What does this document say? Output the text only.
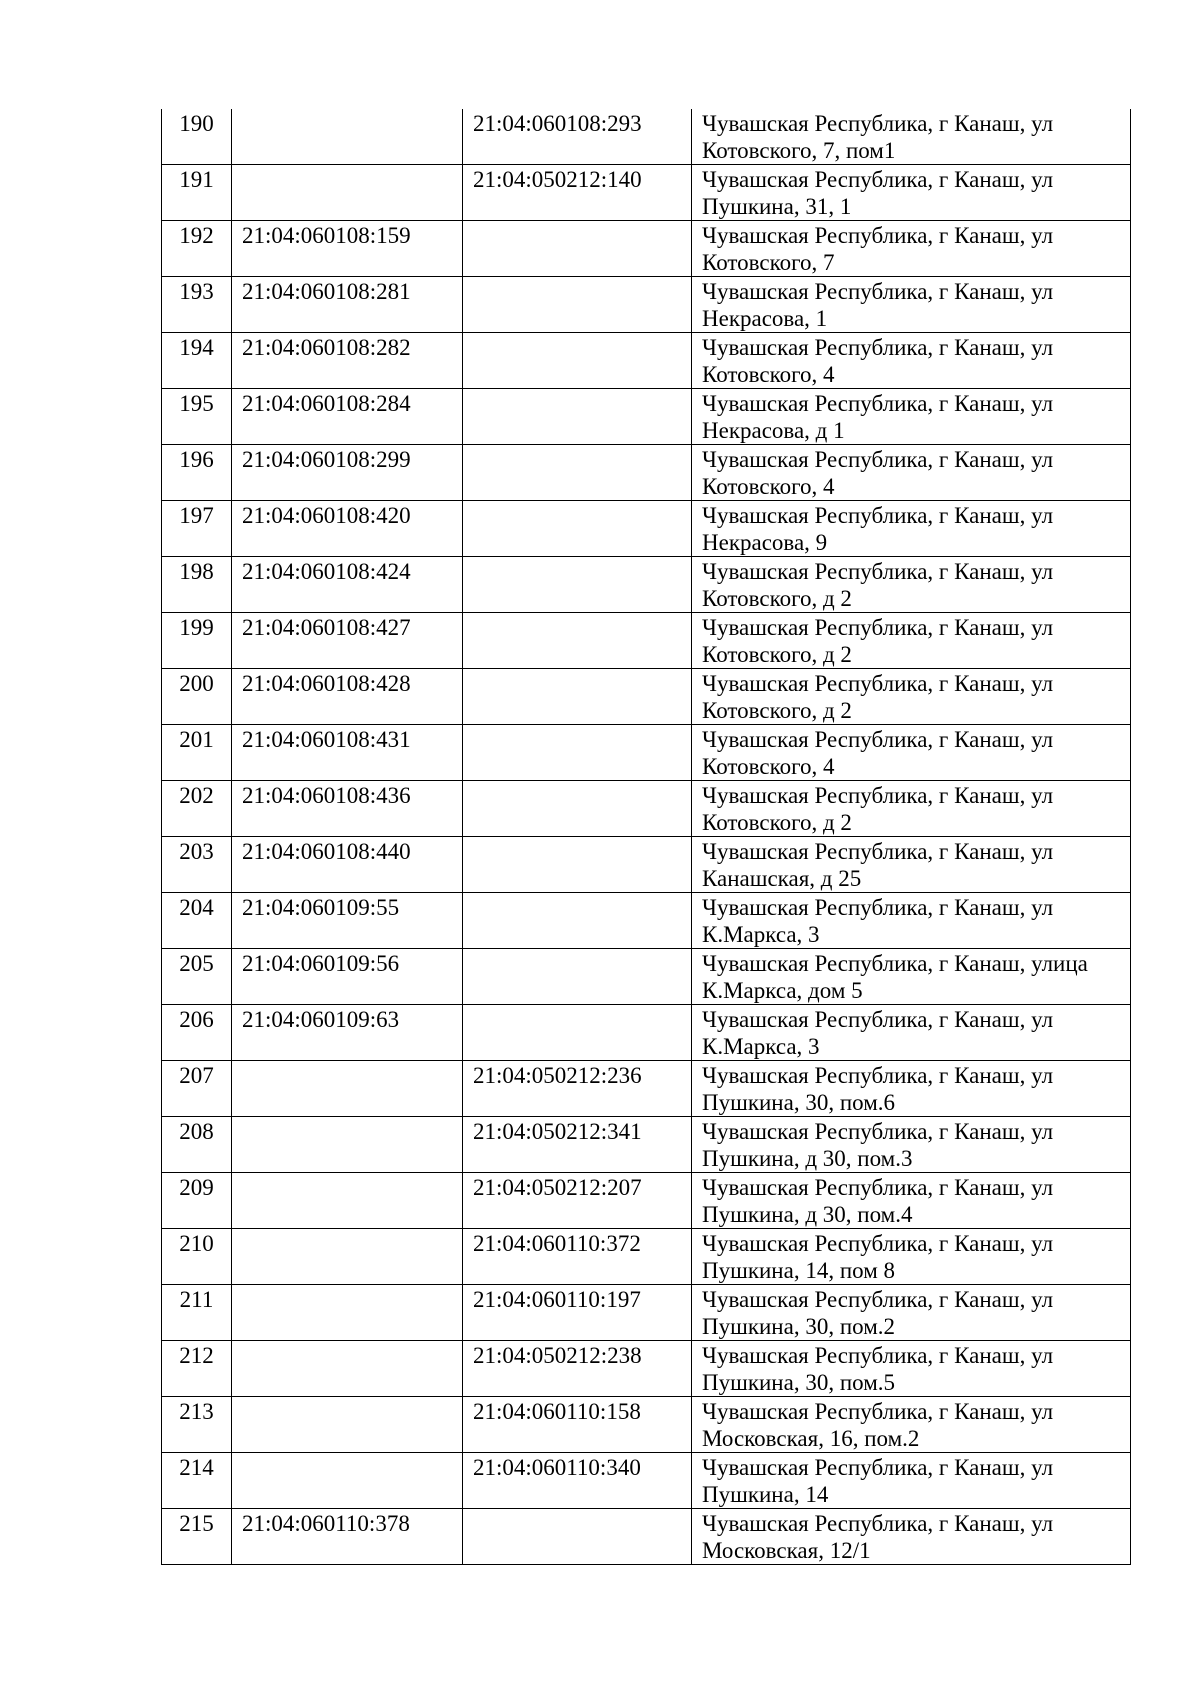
190		21:04:060108:293	Чувашская Республика, г Канаш, ул Котовского, 7, пом1
191		21:04:050212:140	Чувашская Республика, г Канаш, ул Пушкина, 31, 1
192	21:04:060108:159		Чувашская Республика, г Канаш, ул Котовского, 7
193	21:04:060108:281		Чувашская Республика, г Канаш, ул Некрасова, 1
194	21:04:060108:282		Чувашская Республика, г Канаш, ул Котовского, 4
195	21:04:060108:284		Чувашская Республика, г Канаш, ул Некрасова, д 1
196	21:04:060108:299		Чувашская Республика, г Канаш, ул Котовского, 4
197	21:04:060108:420		Чувашская Республика, г Канаш, ул Некрасова, 9
198	21:04:060108:424		Чувашская Республика, г Канаш, ул Котовского, д 2
199	21:04:060108:427		Чувашская Республика, г Канаш, ул Котовского, д 2
200	21:04:060108:428		Чувашская Республика, г Канаш, ул Котовского, д 2
201	21:04:060108:431		Чувашская Республика, г Канаш, ул Котовского, 4
202	21:04:060108:436		Чувашская Республика, г Канаш, ул Котовского, д 2
203	21:04:060108:440		Чувашская Республика, г Канаш, ул Канашская, д 25
204	21:04:060109:55		Чувашская Республика, г Канаш, ул К.Маркса, 3
205	21:04:060109:56		Чувашская Республика, г Канаш, улица К.Маркса, дом 5
206	21:04:060109:63		Чувашская Республика, г Канаш, ул К.Маркса, 3
207		21:04:050212:236	Чувашская Республика, г Канаш, ул Пушкина, 30, пом.6
208		21:04:050212:341	Чувашская Республика, г Канаш, ул Пушкина, д 30, пом.3
209		21:04:050212:207	Чувашская Республика, г Канаш, ул Пушкина, д 30, пом.4
210		21:04:060110:372	Чувашская Республика, г Канаш, ул Пушкина, 14, пом 8
211		21:04:060110:197	Чувашская Республика, г Канаш, ул Пушкина, 30, пом.2
212		21:04:050212:238	Чувашская Республика, г Канаш, ул Пушкина, 30, пом.5
213		21:04:060110:158	Чувашская Республика, г Канаш, ул Московская, 16, пом.2
214		21:04:060110:340	Чувашская Республика, г Канаш, ул Пушкина, 14
215	21:04:060110:378		Чувашская Республика, г Канаш, ул Московская, 12/1
